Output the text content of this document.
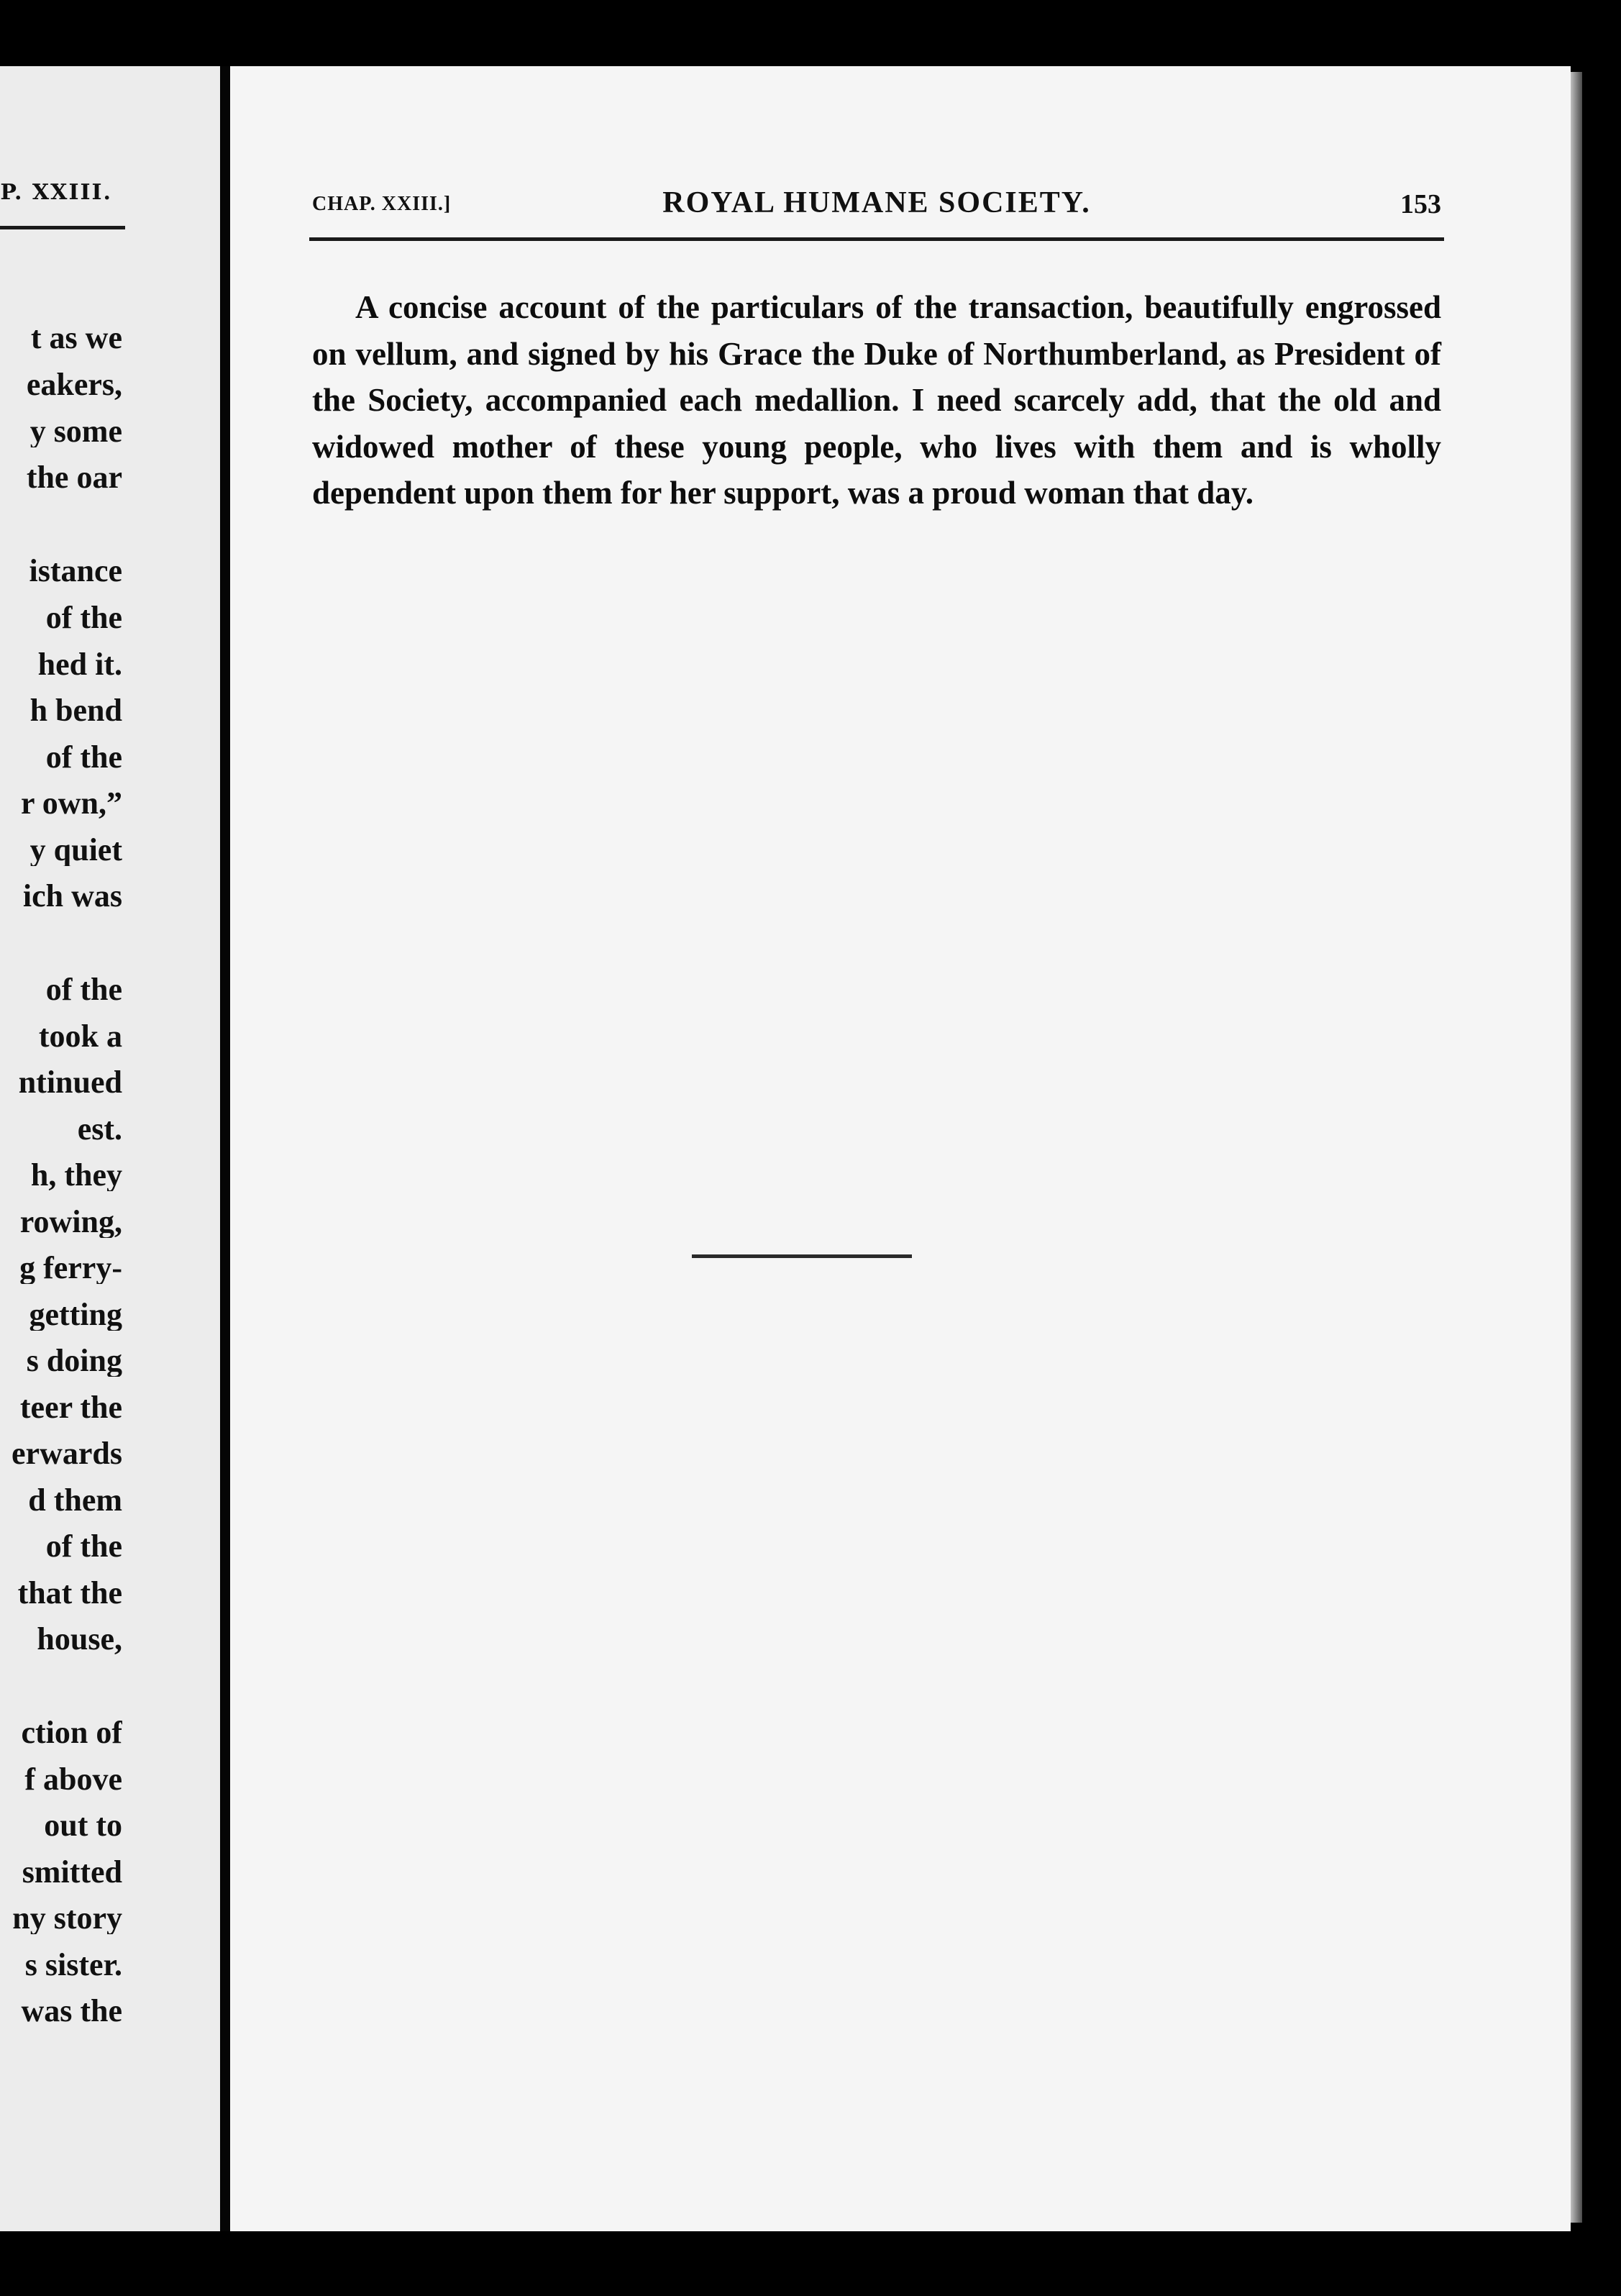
P. XXIII.
t as we
eakers,
y some
the oar
istance
of the
hed it.
h bend
of the
r own,”
y quiet
ich was
of the
took a
ntinued
est.
h, they
rowing,
g ferry-
getting
s doing
teer the
erwards
d them
of the
that the
house,
ction of
f above
out to
smitted
ny story
s sister.
was the
CHAP. XXIII.]	ROYAL HUMANE SOCIETY.	153

A concise account of the particulars of the transaction, beautifully engrossed on vellum, and signed by his Grace the Duke of Northumberland, as President of the Society, accompanied each medallion. I need scarcely add, that the old and widowed mother of these young people, who lives with them and is wholly dependent upon them for her support, was a proud woman that day.
